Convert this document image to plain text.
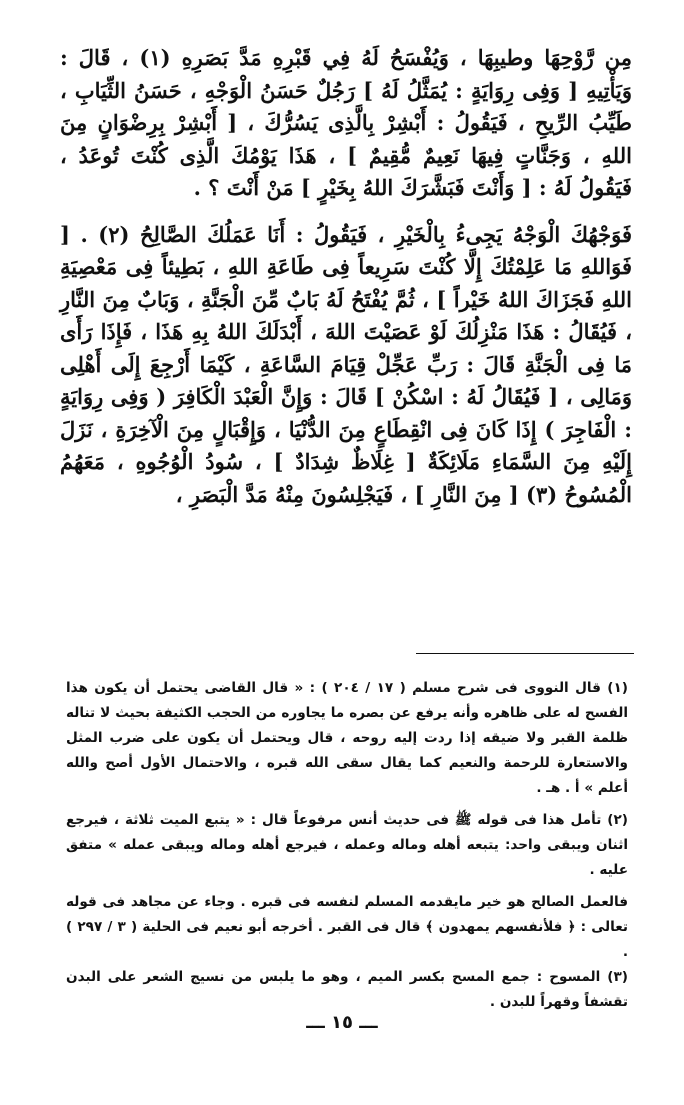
مِن رَّوْحِهَا وطيبِهَا ، وَيُفْسَحُ لَهُ فِي قَبْرِهِ مَدَّ بَصَرِهِ (١) ، قَالَ : وَيَأْتِيهِ [ وَفِى رِوَايَةٍ : يُمَثَّلُ لَهُ ] رَجُلٌ حَسَنُ الْوَجْهِ ، حَسَنُ الثِّيَابِ ، طَيِّبُ الرِّيحِ ، فَيَقُولُ : أَبْشِرْ بِالَّذِى يَسُرُّكَ ، [ أَبْشِرْ بِرِضْوَانٍ مِنَ اللهِ ، وَجَنَّاتٍ فِيهَا نَعِيمٌ مُّقِيمٌ ] ، هَذَا يَوْمُكَ الَّذِى كُنْتَ تُوعَدُ ، فَيَقُولُ لَهُ : [ وَأَنْتَ فَبَشَّرَكَ اللهُ بِخَيْرٍ ] مَنْ أَنْتَ ؟ .

فَوَجْهُكَ الْوَجْهُ يَجِىءُ بِالْخَيْرِ ، فَيَقُولُ : أَنَا عَمَلُكَ الصَّالِحُ (٢) . [ فَوَاللهِ مَا عَلِمْتُكَ إِلَّا كُنْتَ سَرِيعاً فِى طَاعَةِ اللهِ ، بَطِيئاً فِى مَعْصِيَةِ اللهِ فَجَزَاكَ اللهُ خَيْراً ] ، ثُمَّ يُفْتَحُ لَهُ بَابٌ مِّنَ الْجَنَّةِ ، وَبَابٌ مِنَ النَّارِ ، فَيُقَالُ : هَذَا مَنْزِلُكَ لَوْ عَصَيْتَ اللهَ ، أَبْدَلَكَ اللهُ بِهِ هَذَا ، فَإِذَا رَأَى مَا فِى الْجَنَّةِ قَالَ : رَبِّ عَجِّلْ قِيَامَ السَّاعَةِ ، كَيْمَا أَرْجِعَ إِلَى أَهْلِى وَمَالِى ، [ فَيُقَالُ لَهُ : اسْكُنْ ] قَالَ : وَإِنَّ الْعَبْدَ الْكَافِرَ ( وَفِى رِوَايَةٍ : الْفَاجِرَ ) إِذَا كَانَ فِى انْقِطَاعٍ مِنَ الدُّنْيَا ، وَإِقْبَالٍ مِنَ الْآخِرَةِ ، نَزَلَ إِلَيْهِ مِنَ السَّمَاءِ مَلَائِكَةٌ [ غِلَاظٌ شِدَادٌ ] ، سُودُ الْوُجُوهِ ، مَعَهُمُ الْمُسُوحُ (٣) [ مِنَ النَّارِ ] ، فَيَجْلِسُونَ مِنْهُ مَدَّ الْبَصَرِ ،

(١) قال النووى فى شرح مسلم ( ١٧ / ٢٠٤ ) : « قال القاضى يحتمل أن يكون هذا الفسح له على ظاهره وأنه يرفع عن بصره ما يجاوره من الحجب الكثيفة بحيث لا تناله ظلمة القبر ولا ضيقه إذا ردت إليه روحه ، قال ويحتمل أن يكون على ضرب المثل والاستعارة للرحمة والنعيم كما يقال سقى الله قبره ، والاحتمال الأول أصح والله أعلم » أ . هـ .

(٢) تأمل هذا فى قوله ﷺ فى حديث أنس مرفوعاً قال : « يتبع الميت ثلاثة ، فيرجع اثنان ويبقى واحد: يتبعه أهله وماله وعمله ، فيرجع أهله وماله ويبقى عمله » متفق عليه .

فالعمل الصالح هو خير مايقدمه المسلم لنفسه فى قبره . وجاء عن مجاهد فى قوله تعالى : ﴿ فلأنفسهم يمهدون ﴾ قال فى القبر . أخرجه أبو نعيم فى الحلية ( ٣ / ٢٩٧ ) .

(٣) المسوح : جمع المسح بكسر الميم ، وهو ما يلبس من نسيج الشعر على البدن تقشفاً وقهراً للبدن .

ـــ ١٥ ـــ
